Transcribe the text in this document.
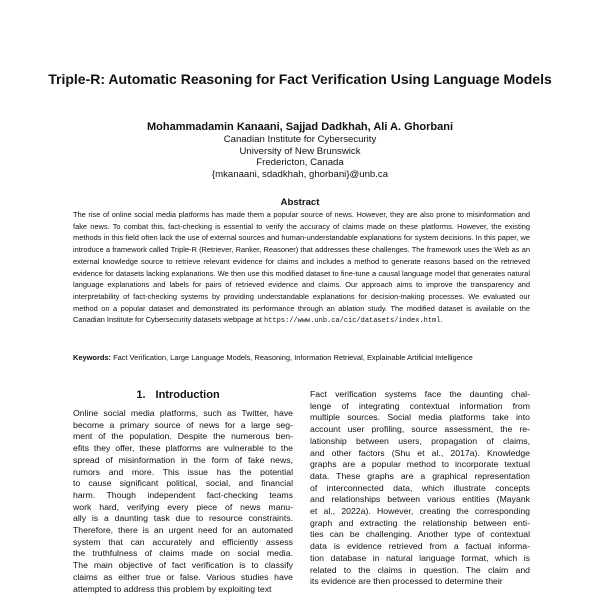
Triple-R: Automatic Reasoning for Fact Verification Using Language Models
Mohammadamin Kanaani, Sajjad Dadkhah, Ali A. Ghorbani
Canadian Institute for Cybersecurity
University of New Brunswick
Fredericton, Canada
{mkanaani, sdadkhah, ghorbani}@unb.ca
Abstract
The rise of online social media platforms has made them a popular source of news. However, they are also prone to misinformation and fake news. To combat this, fact-checking is essential to verify the accuracy of claims made on these platforms. However, the existing methods in this field often lack the use of external sources and human-understandable explanations for system decisions. In this paper, we introduce a framework called Triple-R (Retriever, Ranker, Reasoner) that addresses these challenges. The framework uses the Web as an external knowledge source to retrieve relevant evidence for claims and includes a method to generate reasons based on the retrieved evidence for datasets lacking explanations. We then use this modified dataset to fine-tune a causal language model that generates natural language explanations and labels for pairs of retrieved evidence and claims. Our approach aims to improve the transparency and interpretability of fact-checking systems by providing understandable explanations for decision-making processes. We evaluated our method on a popular dataset and demonstrated its performance through an ablation study. The modified dataset is available on the Canadian Institute for Cybersecurity datasets webpage at https://www.unb.ca/cic/datasets/index.html.
Keywords: Fact Verification, Large Language Models, Reasoning, Information Retrieval, Explainable Artificial Intelligence
1. Introduction
Online social media platforms, such as Twitter, have
become a primary source of news for a large seg-
ment of the population. Despite the numerous ben-
efits they offer, these platforms are vulnerable to the
spread of misinformation in the form of fake news,
rumors and more. This issue has the potential
to cause significant political, social, and financial
harm. Though independent fact-checking teams
work hard, verifying every piece of news manu-
ally is a daunting task due to resource constraints.
Therefore, there is an urgent need for an automated
system that can accurately and efficiently assess
the truthfulness of claims made on social media.
The main objective of fact verification is to classify
claims as either true or false. Various studies have
attempted to address this problem by exploiting text
Fact verification systems face the daunting chal-
lenge of integrating contextual information from
multiple sources. Social media platforms take into
account user profiling, source assessment, the re-
lationship between users, propagation of claims,
and other factors (Shu et al., 2017a). Knowledge
graphs are a popular method to incorporate textual
data. These graphs are a graphical representation
of interconnected data, which illustrate concepts
and relationships between various entities (Mayank
et al., 2022a). However, creating the corresponding
graph and extracting the relationship between enti-
ties can be challenging. Another type of contextual
data is evidence retrieved from a factual informa-
tion database in natural language format, which is
related to the claims in question. The claim and
its evidence are then processed to determine their
